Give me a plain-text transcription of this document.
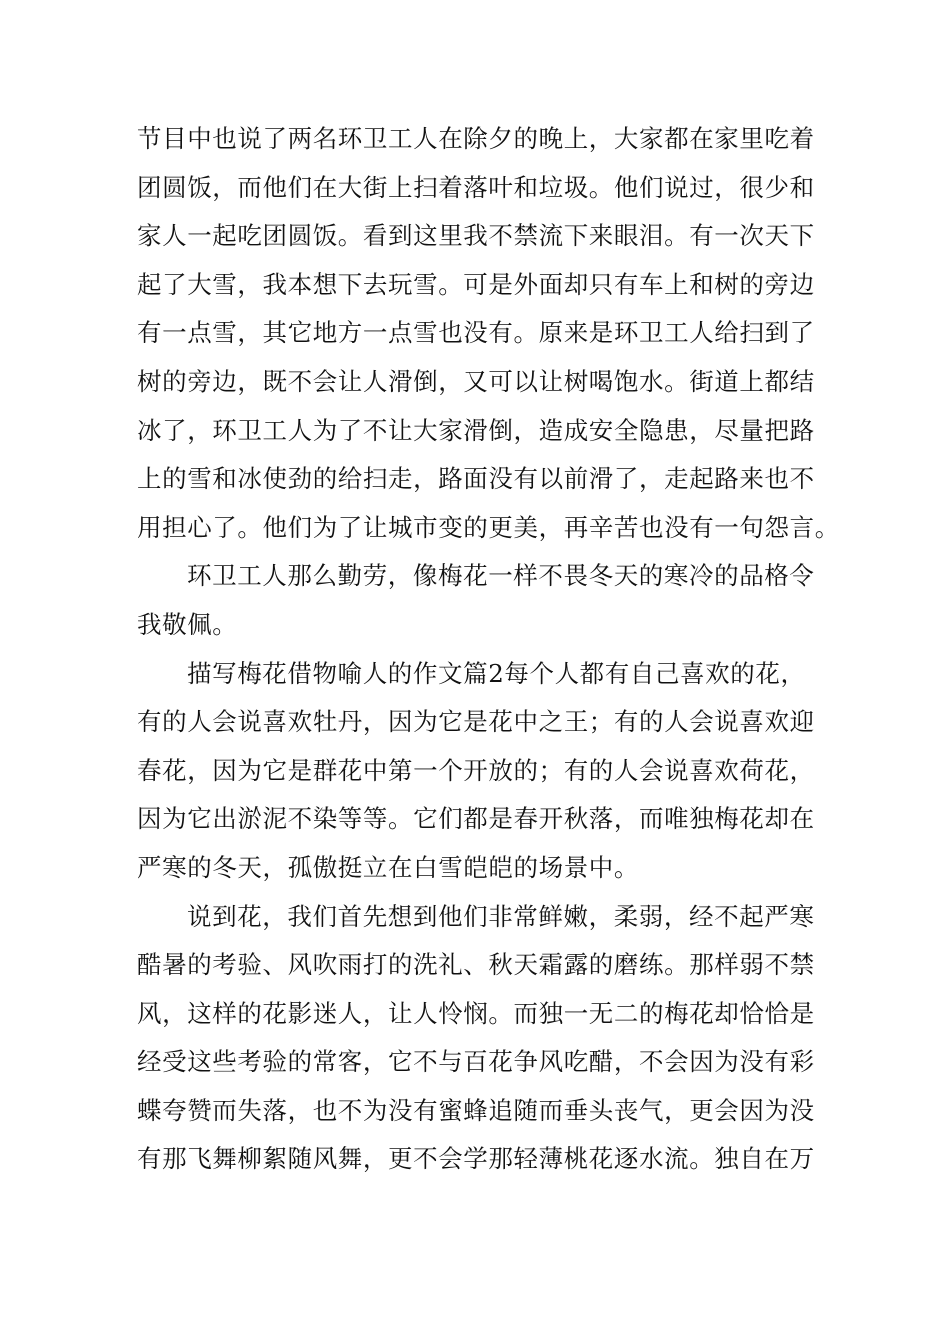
节目中也说了两名环卫工人在除夕的晚上，大家都在家里吃着
团圆饭，而他们在大街上扫着落叶和垃圾。他们说过，很少和
家人一起吃团圆饭。看到这里我不禁流下来眼泪。有一次天下
起了大雪，我本想下去玩雪。可是外面却只有车上和树的旁边
有一点雪，其它地方一点雪也没有。原来是环卫工人给扫到了
树的旁边，既不会让人滑倒，又可以让树喝饱水。街道上都结
冰了，环卫工人为了不让大家滑倒，造成安全隐患，尽量把路
上的雪和冰使劲的给扫走，路面没有以前滑了，走起路来也不
用担心了。他们为了让城市变的更美，再辛苦也没有一句怨言。
环卫工人那么勤劳，像梅花一样不畏冬天的寒冷的品格令
我敬佩。
描写梅花借物喻人的作文篇2每个人都有自己喜欢的花，
有的人会说喜欢牡丹，因为它是花中之王；有的人会说喜欢迎
春花，因为它是群花中第一个开放的；有的人会说喜欢荷花，
因为它出淤泥不染等等。它们都是春开秋落，而唯独梅花却在
严寒的冬天，孤傲挺立在白雪皑皑的场景中。
说到花，我们首先想到他们非常鲜嫩，柔弱，经不起严寒
酷暑的考验、风吹雨打的洗礼、秋天霜露的磨练。那样弱不禁
风，这样的花影迷人，让人怜悯。而独一无二的梅花却恰恰是
经受这些考验的常客，它不与百花争风吃醋，不会因为没有彩
蝶夸赞而失落，也不为没有蜜蜂追随而垂头丧气，更会因为没
有那飞舞柳絮随风舞，更不会学那轻薄桃花逐水流。独自在万
